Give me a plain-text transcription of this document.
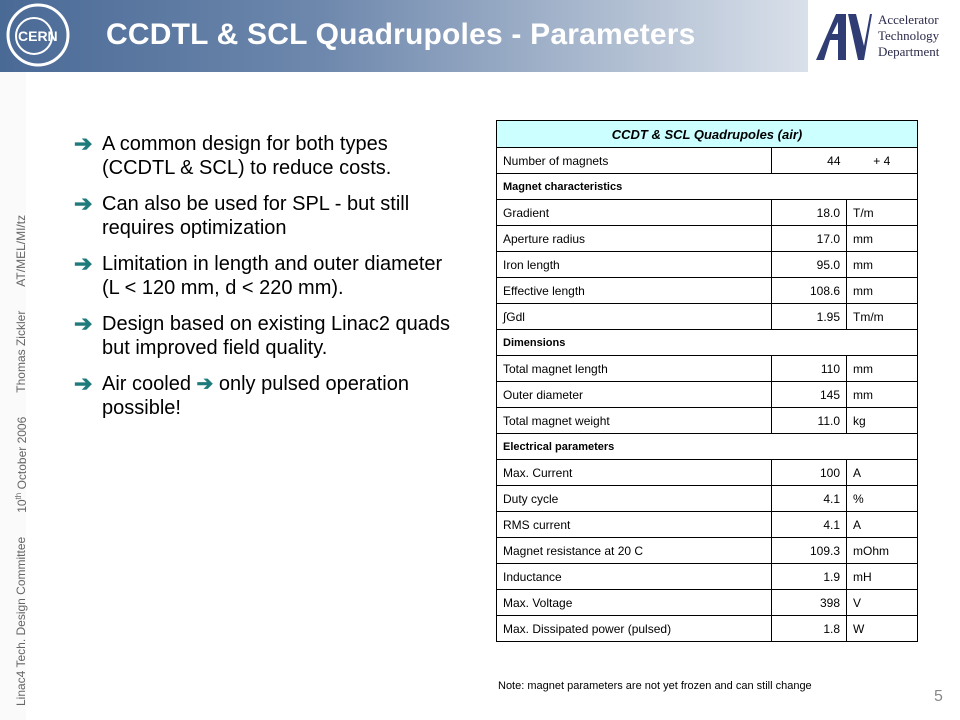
CERN CCDTL & SCL Quadrupoles - Parameters	Accelerator
Technology
Department
Linac4 Tech. Design Committee
10th October 2006
Thomas Zickler
AT/MEL/MI/tz
➔ A common design for both types (CCDTL & SCL) to reduce costs.
➔ Can also be used for SPL - but still requires optimization
➔ Limitation in length and outer diameter (L < 120 mm, d < 220 mm).
➔ Design based on existing Linac2 quads but improved field quality.
➔ Air cooled ➔ only pulsed operation possible!
CCDT & SCL Quadrupoles (air)		
Number of magnets	44	+ 4
Magnet characteristics		
Gradient	18.0	T/m
Aperture radius	17.0	mm
Iron length	95.0	mm
Effective length	108.6	mm
∫Gdl	1.95	Tm/m
Dimensions		
Total magnet length	110	mm
Outer diameter	145	mm
Total magnet weight	11.0	kg
Electrical parameters		
Max. Current	100	A
Duty cycle	4.1	%
RMS current	4.1	A
Magnet resistance at 20 C	109.3	mOhm
Inductance	1.9	mH
Max. Voltage	398	V
Max. Dissipated power (pulsed)	1.8	W
Note: magnet parameters are not yet frozen and can still change
5
